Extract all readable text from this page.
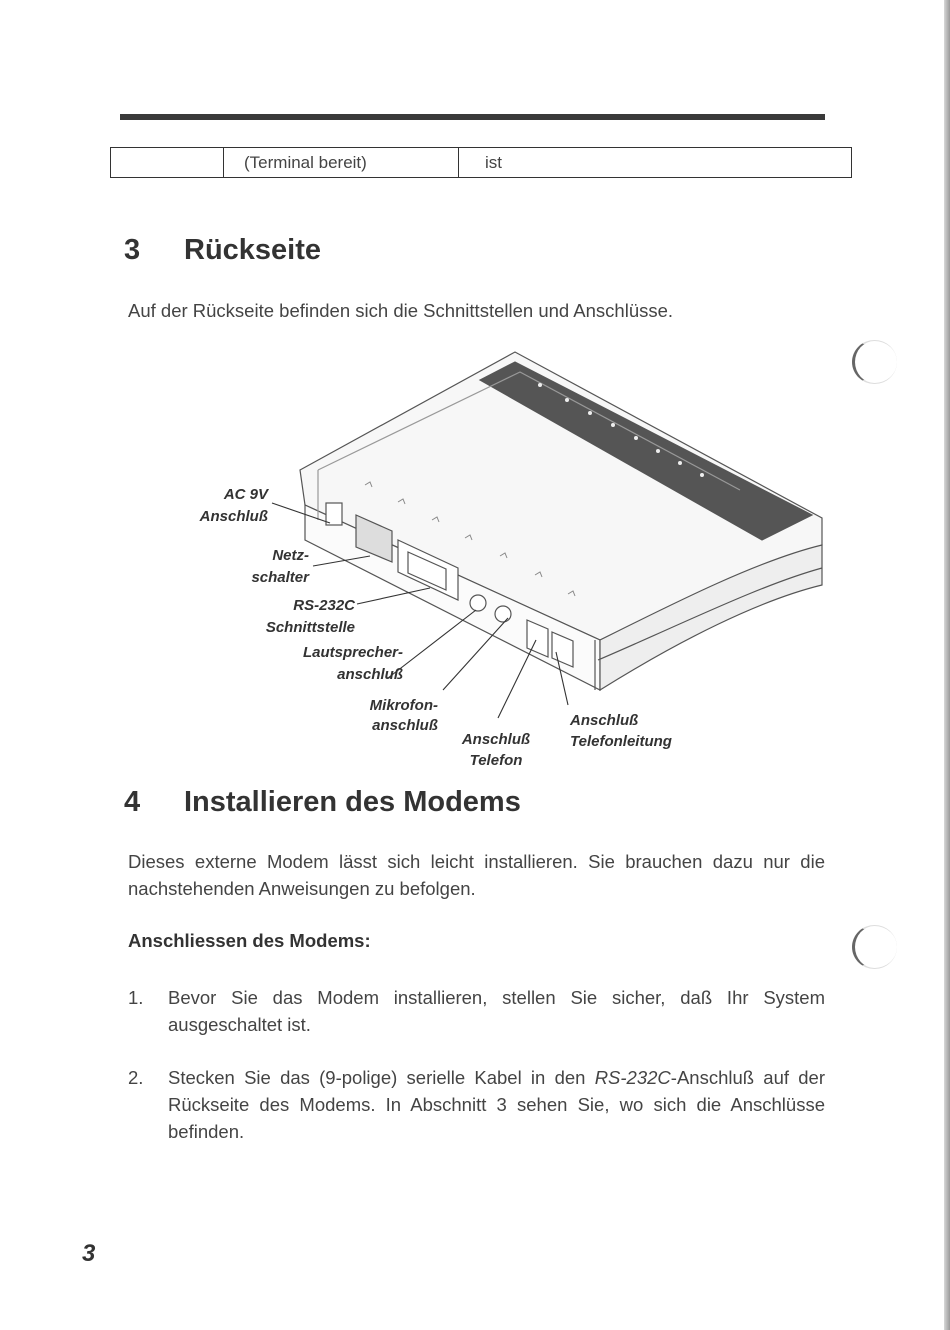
(Terminal bereit)	ist
3 Rückseite

Auf der Rückseite befinden sich die Schnittstellen und Anschlüsse.

AC 9V
Anschluß
Netz-
schalter
RS-232C
Schnittstelle
Lautsprecher-
anschluß
Mikrofon-
anschluß
Anschluß
Telefon
Anschluß
Telefonleitung
4 Installieren des Modems

Dieses externe Modem lässt sich leicht installieren. Sie brauchen dazu nur die nachstehenden Anweisungen zu befolgen.

Anschliessen des Modems:
1.	Bevor Sie das Modem installieren, stellen Sie sicher, daß Ihr System ausgeschaltet ist.
2.	Stecken Sie das (9-polige) serielle Kabel in den RS-232C-Anschluß auf der Rückseite des Modems. In Abschnitt 3 sehen Sie, wo sich die Anschlüsse befinden.
3
